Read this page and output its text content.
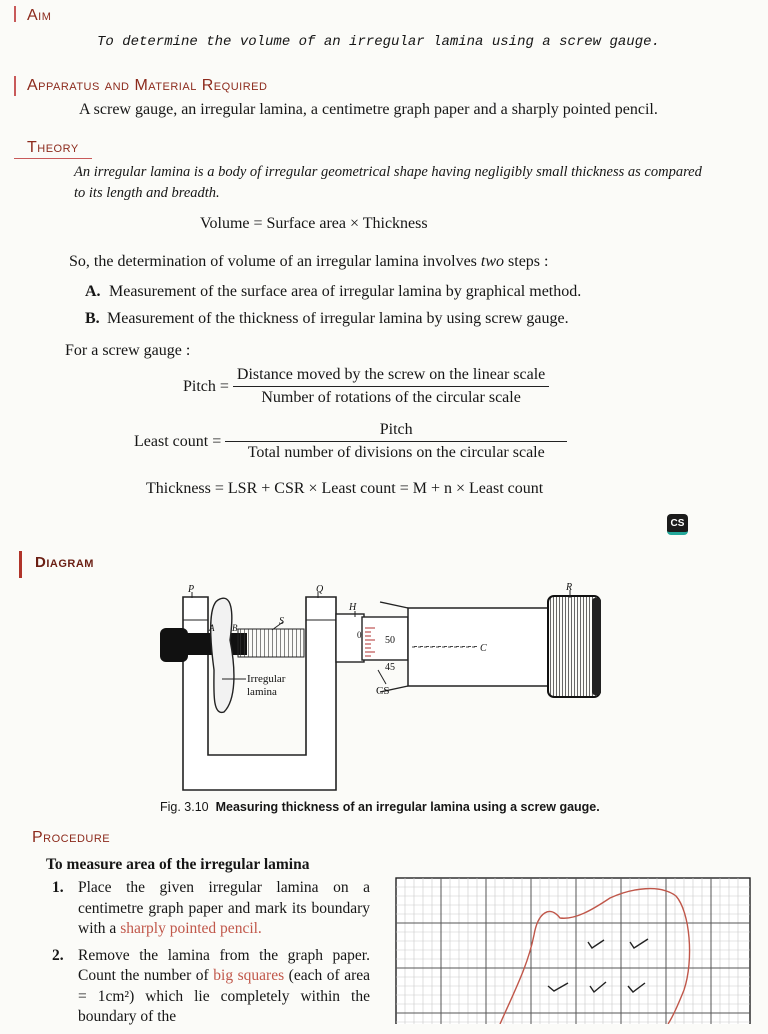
Aim
To determine the volume of an irregular lamina using a screw gauge.
Apparatus and Material Required
A screw gauge, an irregular lamina, a centimetre graph paper and a sharply pointed pencil.
Theory
An irregular lamina is a body of irregular geometrical shape having negligibly small thickness as compared
to its length and breadth.
Volume = Surface area × Thickness
So, the determination of volume of an irregular lamina involves two steps :
A. Measurement of the surface area of irregular lamina by graphical method.
B. Measurement of the thickness of irregular lamina by using screw gauge.
For a screw gauge :
Pitch = $\frac{\text{Distance moved by the screw on the linear scale}}{\text{Number of rotations of the circular scale}}$
Least count = $\frac{\text{Pitch}}{\text{Total number of divisions on the circular scale}}$
Thickness = LSR + CSR × Least count = M + n × Least count
CS
Diagram
P	Q	R
H
S
A B
C
0 50
45
CS
Irregular
lamina
Fig. 3.10 Measuring thickness of an irregular lamina using a screw gauge.
Procedure
To measure area of the irregular lamina
1. Place the given irregular lamina on a centimetre graph paper and mark its boundary with a sharply pointed pencil.
2. Remove the lamina from the graph paper. Count the number of big squares (each of area = 1cm²) which lie completely within the boundary of the
